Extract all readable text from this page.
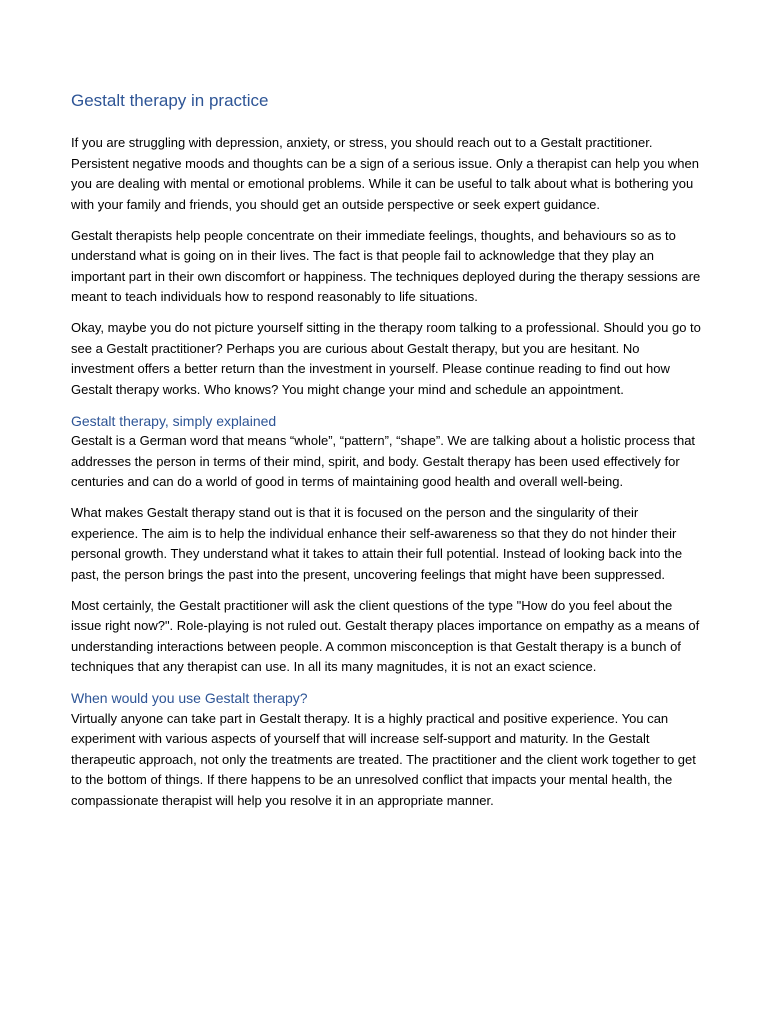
Gestalt therapy in practice

If you are struggling with depression, anxiety, or stress, you should reach out to a Gestalt practitioner. Persistent negative moods and thoughts can be a sign of a serious issue. Only a therapist can help you when you are dealing with mental or emotional problems. While it can be useful to talk about what is bothering you with your family and friends, you should get an outside perspective or seek expert guidance.

Gestalt therapists help people concentrate on their immediate feelings, thoughts, and behaviours so as to understand what is going on in their lives. The fact is that people fail to acknowledge that they play an important part in their own discomfort or happiness. The techniques deployed during the therapy sessions are meant to teach individuals how to respond reasonably to life situations.

Okay, maybe you do not picture yourself sitting in the therapy room talking to a professional. Should you go to see a Gestalt practitioner? Perhaps you are curious about Gestalt therapy, but you are hesitant. No investment offers a better return than the investment in yourself. Please continue reading to find out how Gestalt therapy works. Who knows? You might change your mind and schedule an appointment.

Gestalt therapy, simply explained

Gestalt is a German word that means “whole”, “pattern”, “shape”. We are talking about a holistic process that addresses the person in terms of their mind, spirit, and body. Gestalt therapy has been used effectively for centuries and can do a world of good in terms of maintaining good health and overall well-being.

What makes Gestalt therapy stand out is that it is focused on the person and the singularity of their experience. The aim is to help the individual enhance their self-awareness so that they do not hinder their personal growth. They understand what it takes to attain their full potential. Instead of looking back into the past, the person brings the past into the present, uncovering feelings that might have been suppressed.

Most certainly, the Gestalt practitioner will ask the client questions of the type "How do you feel about the issue right now?". Role-playing is not ruled out. Gestalt therapy places importance on empathy as a means of understanding interactions between people. A common misconception is that Gestalt therapy is a bunch of techniques that any therapist can use. In all its many magnitudes, it is not an exact science.

When would you use Gestalt therapy?

Virtually anyone can take part in Gestalt therapy. It is a highly practical and positive experience. You can experiment with various aspects of yourself that will increase self-support and maturity. In the Gestalt therapeutic approach, not only the treatments are treated. The practitioner and the client work together to get to the bottom of things. If there happens to be an unresolved conflict that impacts your mental health, the compassionate therapist will help you resolve it in an appropriate manner.
